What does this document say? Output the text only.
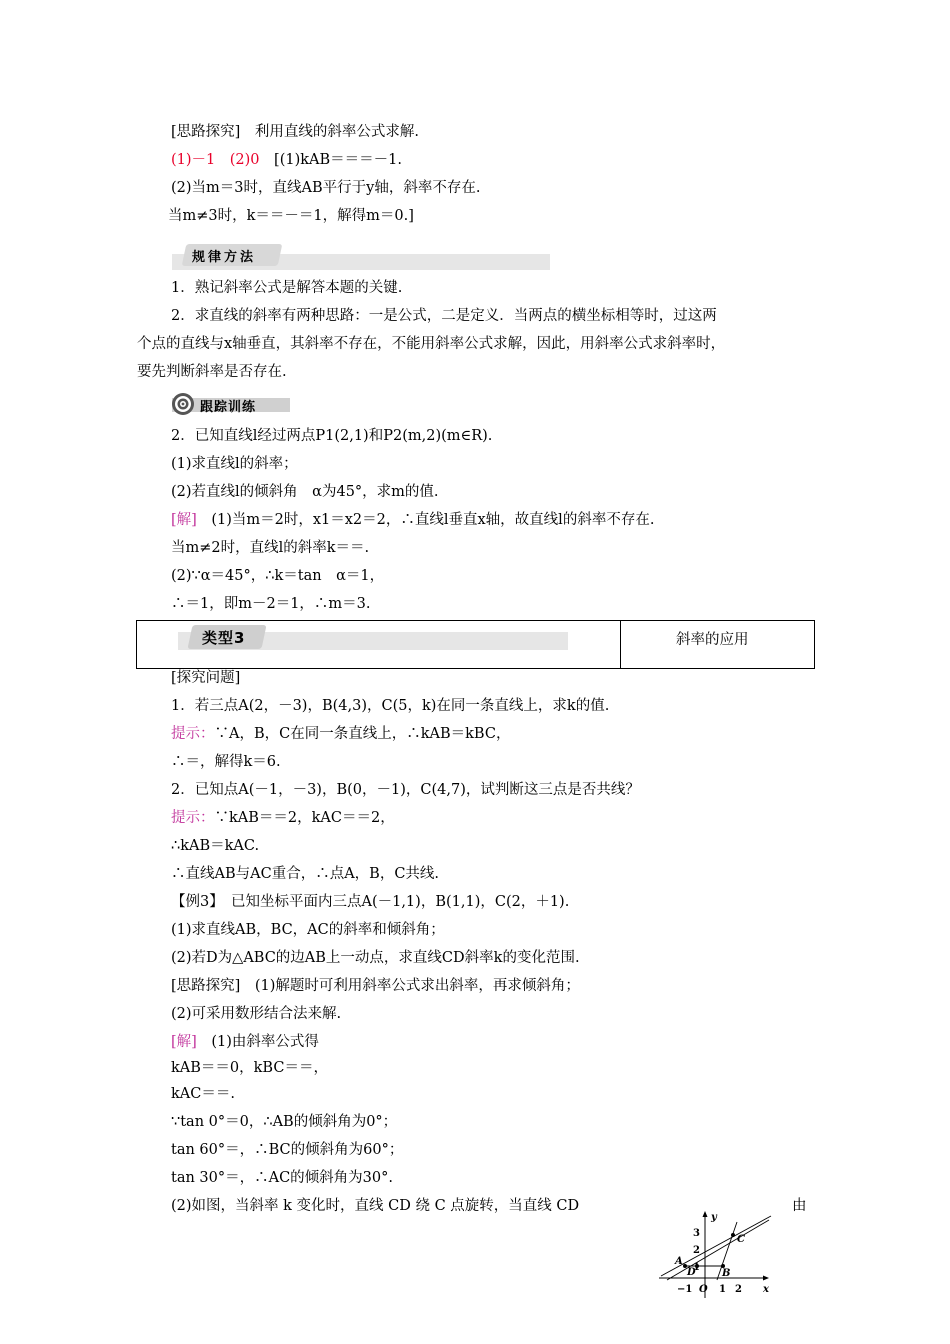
[思路探究]　利用直线的斜率公式求解.
(1)－1　(2)0　[(1)kAB＝＝＝－1.
(2)当m＝3时，直线AB平行于y轴，斜率不存在.
当m≠3时，k＝＝－＝1，解得m＝0.]
规律方法
1．熟记斜率公式是解答本题的关键.
2．求直线的斜率有两种思路：一是公式，二是定义．当两点的横坐标相等时，过这两
个点的直线与x轴垂直，其斜率不存在，不能用斜率公式求解，因此，用斜率公式求斜率时，
要先判断斜率是否存在.
跟踪训练
2．已知直线l经过两点P1(2,1)和P2(m,2)(m∈R).
(1)求直线l的斜率；
(2)若直线l的倾斜角　α为45°，求m的值.
[解]　(1)当m＝2时，x1＝x2＝2，∴直线l垂直x轴，故直线l的斜率不存在.
当m≠2时，直线l的斜率k＝＝.
(2)∵α＝45°，∴k＝tan　α＝1，
∴＝1，即m－2＝1，∴m＝3.
类型3	斜率的应用
[探究问题]
1．若三点A(2，－3)，B(4,3)，C(5，k)在同一条直线上，求k的值.
提示：∵A，B，C在同一条直线上，∴kAB＝kBC，
∴＝，解得k＝6.
2．已知点A(－1，－3)，B(0，－1)，C(4,7)，试判断这三点是否共线？
提示：∵kAB＝＝2，kAC＝＝2，
∴kAB＝kAC.
∴直线AB与AC重合，∴点A，B，C共线.
【例3】　已知坐标平面内三点A(－1,1)，B(1,1)，C(2，＋1).
(1)求直线AB，BC，AC的斜率和倾斜角；
(2)若D为△ABC的边AB上一动点，求直线CD斜率k的变化范围.
[思路探究]　(1)解题时可利用斜率公式求出斜率，再求倾斜角；
(2)可采用数形结合法来解.
[解]　(1)由斜率公式得
kAB＝＝0，kBC＝＝，
kAC＝＝.
∵tan 0°＝0，∴AB的倾斜角为0°；
tan 60°＝，∴BC的倾斜角为60°；
tan 30°＝，∴AC的倾斜角为30°.
(2)如图，当斜率 k 变化时，直线 CD 绕 C 点旋转，当直线 CD	由
y
x
A
B
C
D
3
2
1
−1 O 1 2
